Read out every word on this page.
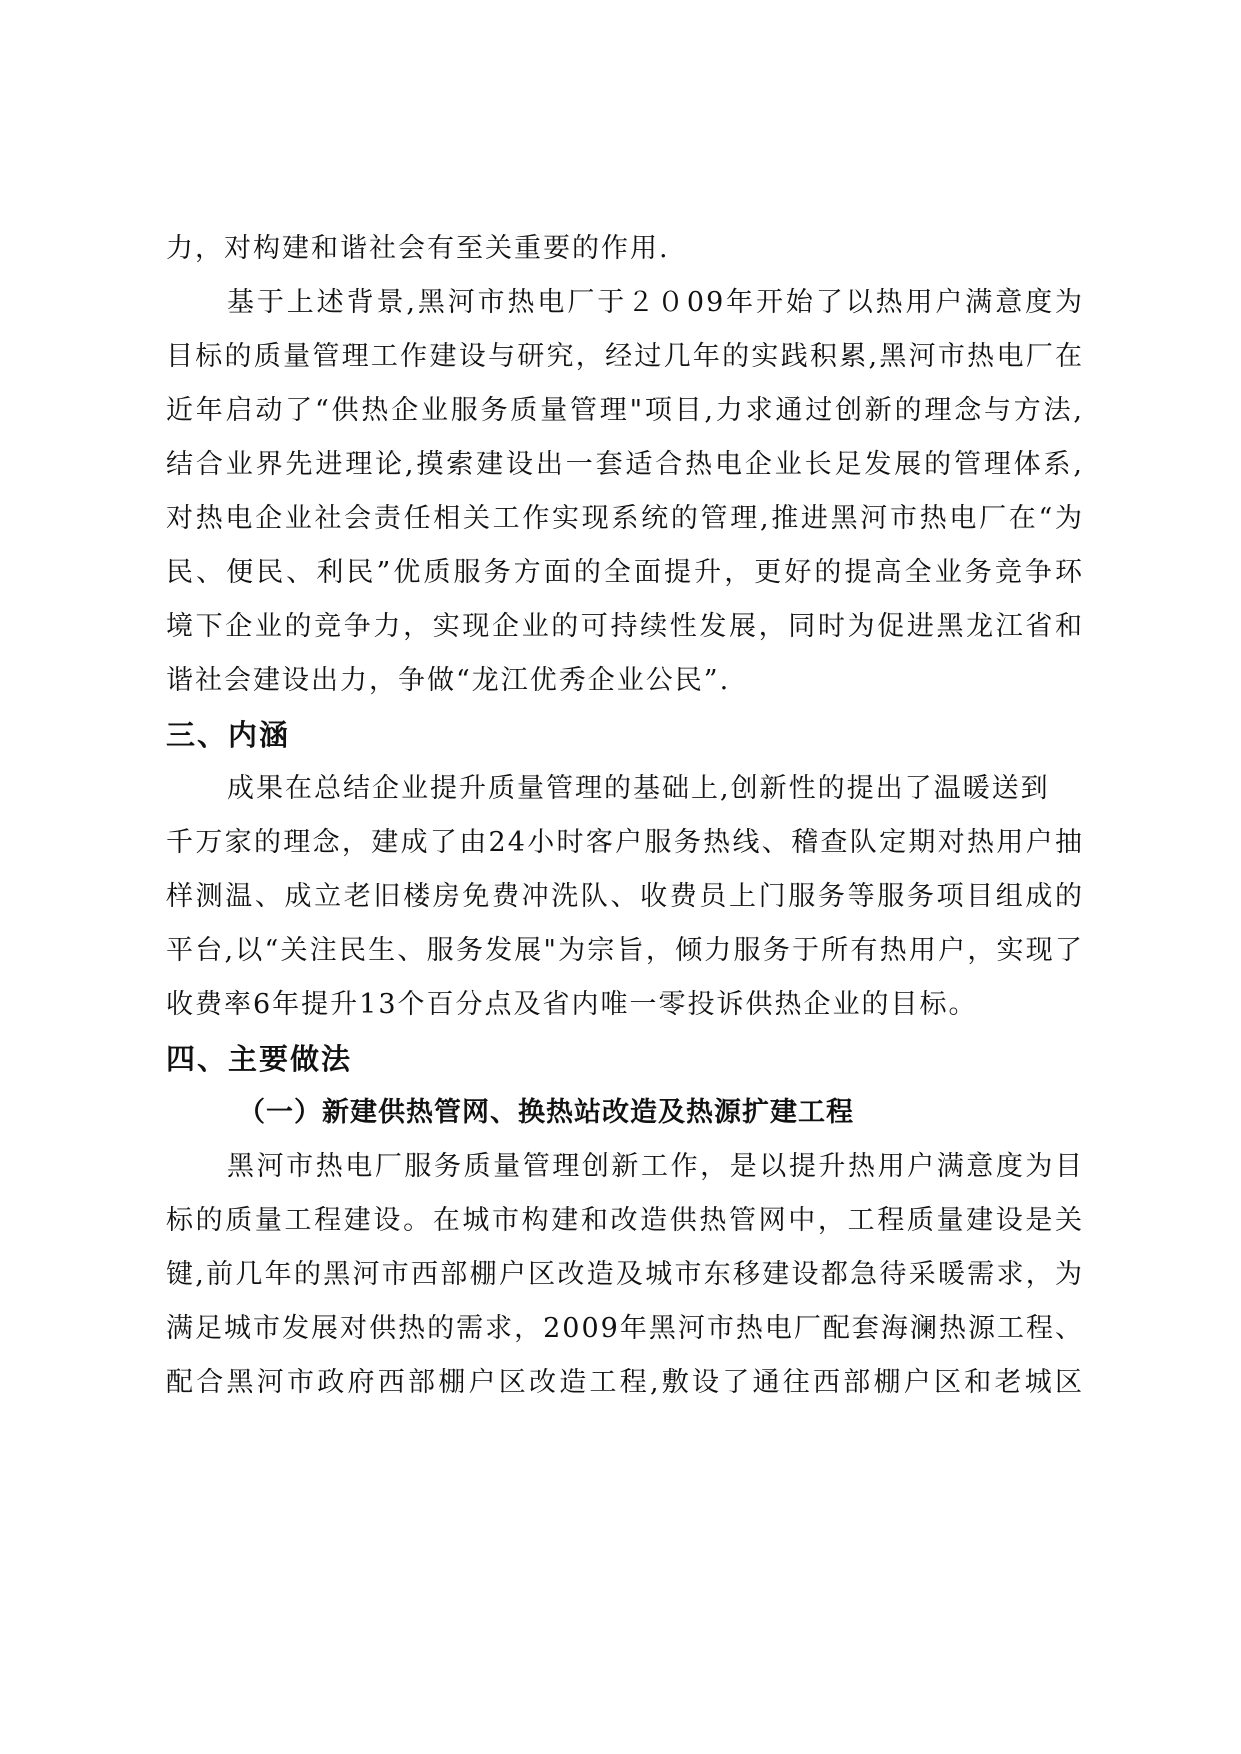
力，对构建和谐社会有至关重要的作用.
基于上述背景,黑河市热电厂于２０09年开始了以热用户满意度为
目标的质量管理工作建设与研究，经过几年的实践积累,黑河市热电厂在
近年启动了“供热企业服务质量管理"项目,力求通过创新的理念与方法,
结合业界先进理论,摸索建设出一套适合热电企业长足发展的管理体系,
对热电企业社会责任相关工作实现系统的管理,推进黑河市热电厂在“为
民、便民、利民”优质服务方面的全面提升，更好的提高全业务竞争环
境下企业的竞争力，实现企业的可持续性发展，同时为促进黑龙江省和
谐社会建设出力，争做“龙江优秀企业公民”.
三、内涵
成果在总结企业提升质量管理的基础上,创新性的提出了温暖送到
千万家的理念，建成了由24小时客户服务热线、稽查队定期对热用户抽
样测温、成立老旧楼房免费冲洗队、收费员上门服务等服务项目组成的
平台,以“关注民生、服务发展"为宗旨，倾力服务于所有热用户，实现了
收费率6年提升13个百分点及省内唯一零投诉供热企业的目标。
四、主要做法
（一）新建供热管网、换热站改造及热源扩建工程
黑河市热电厂服务质量管理创新工作，是以提升热用户满意度为目
标的质量工程建设。在城市构建和改造供热管网中，工程质量建设是关
键,前几年的黑河市西部棚户区改造及城市东移建设都急待采暖需求，为
满足城市发展对供热的需求，2009年黑河市热电厂配套海澜热源工程、
配合黑河市政府西部棚户区改造工程,敷设了通往西部棚户区和老城区
